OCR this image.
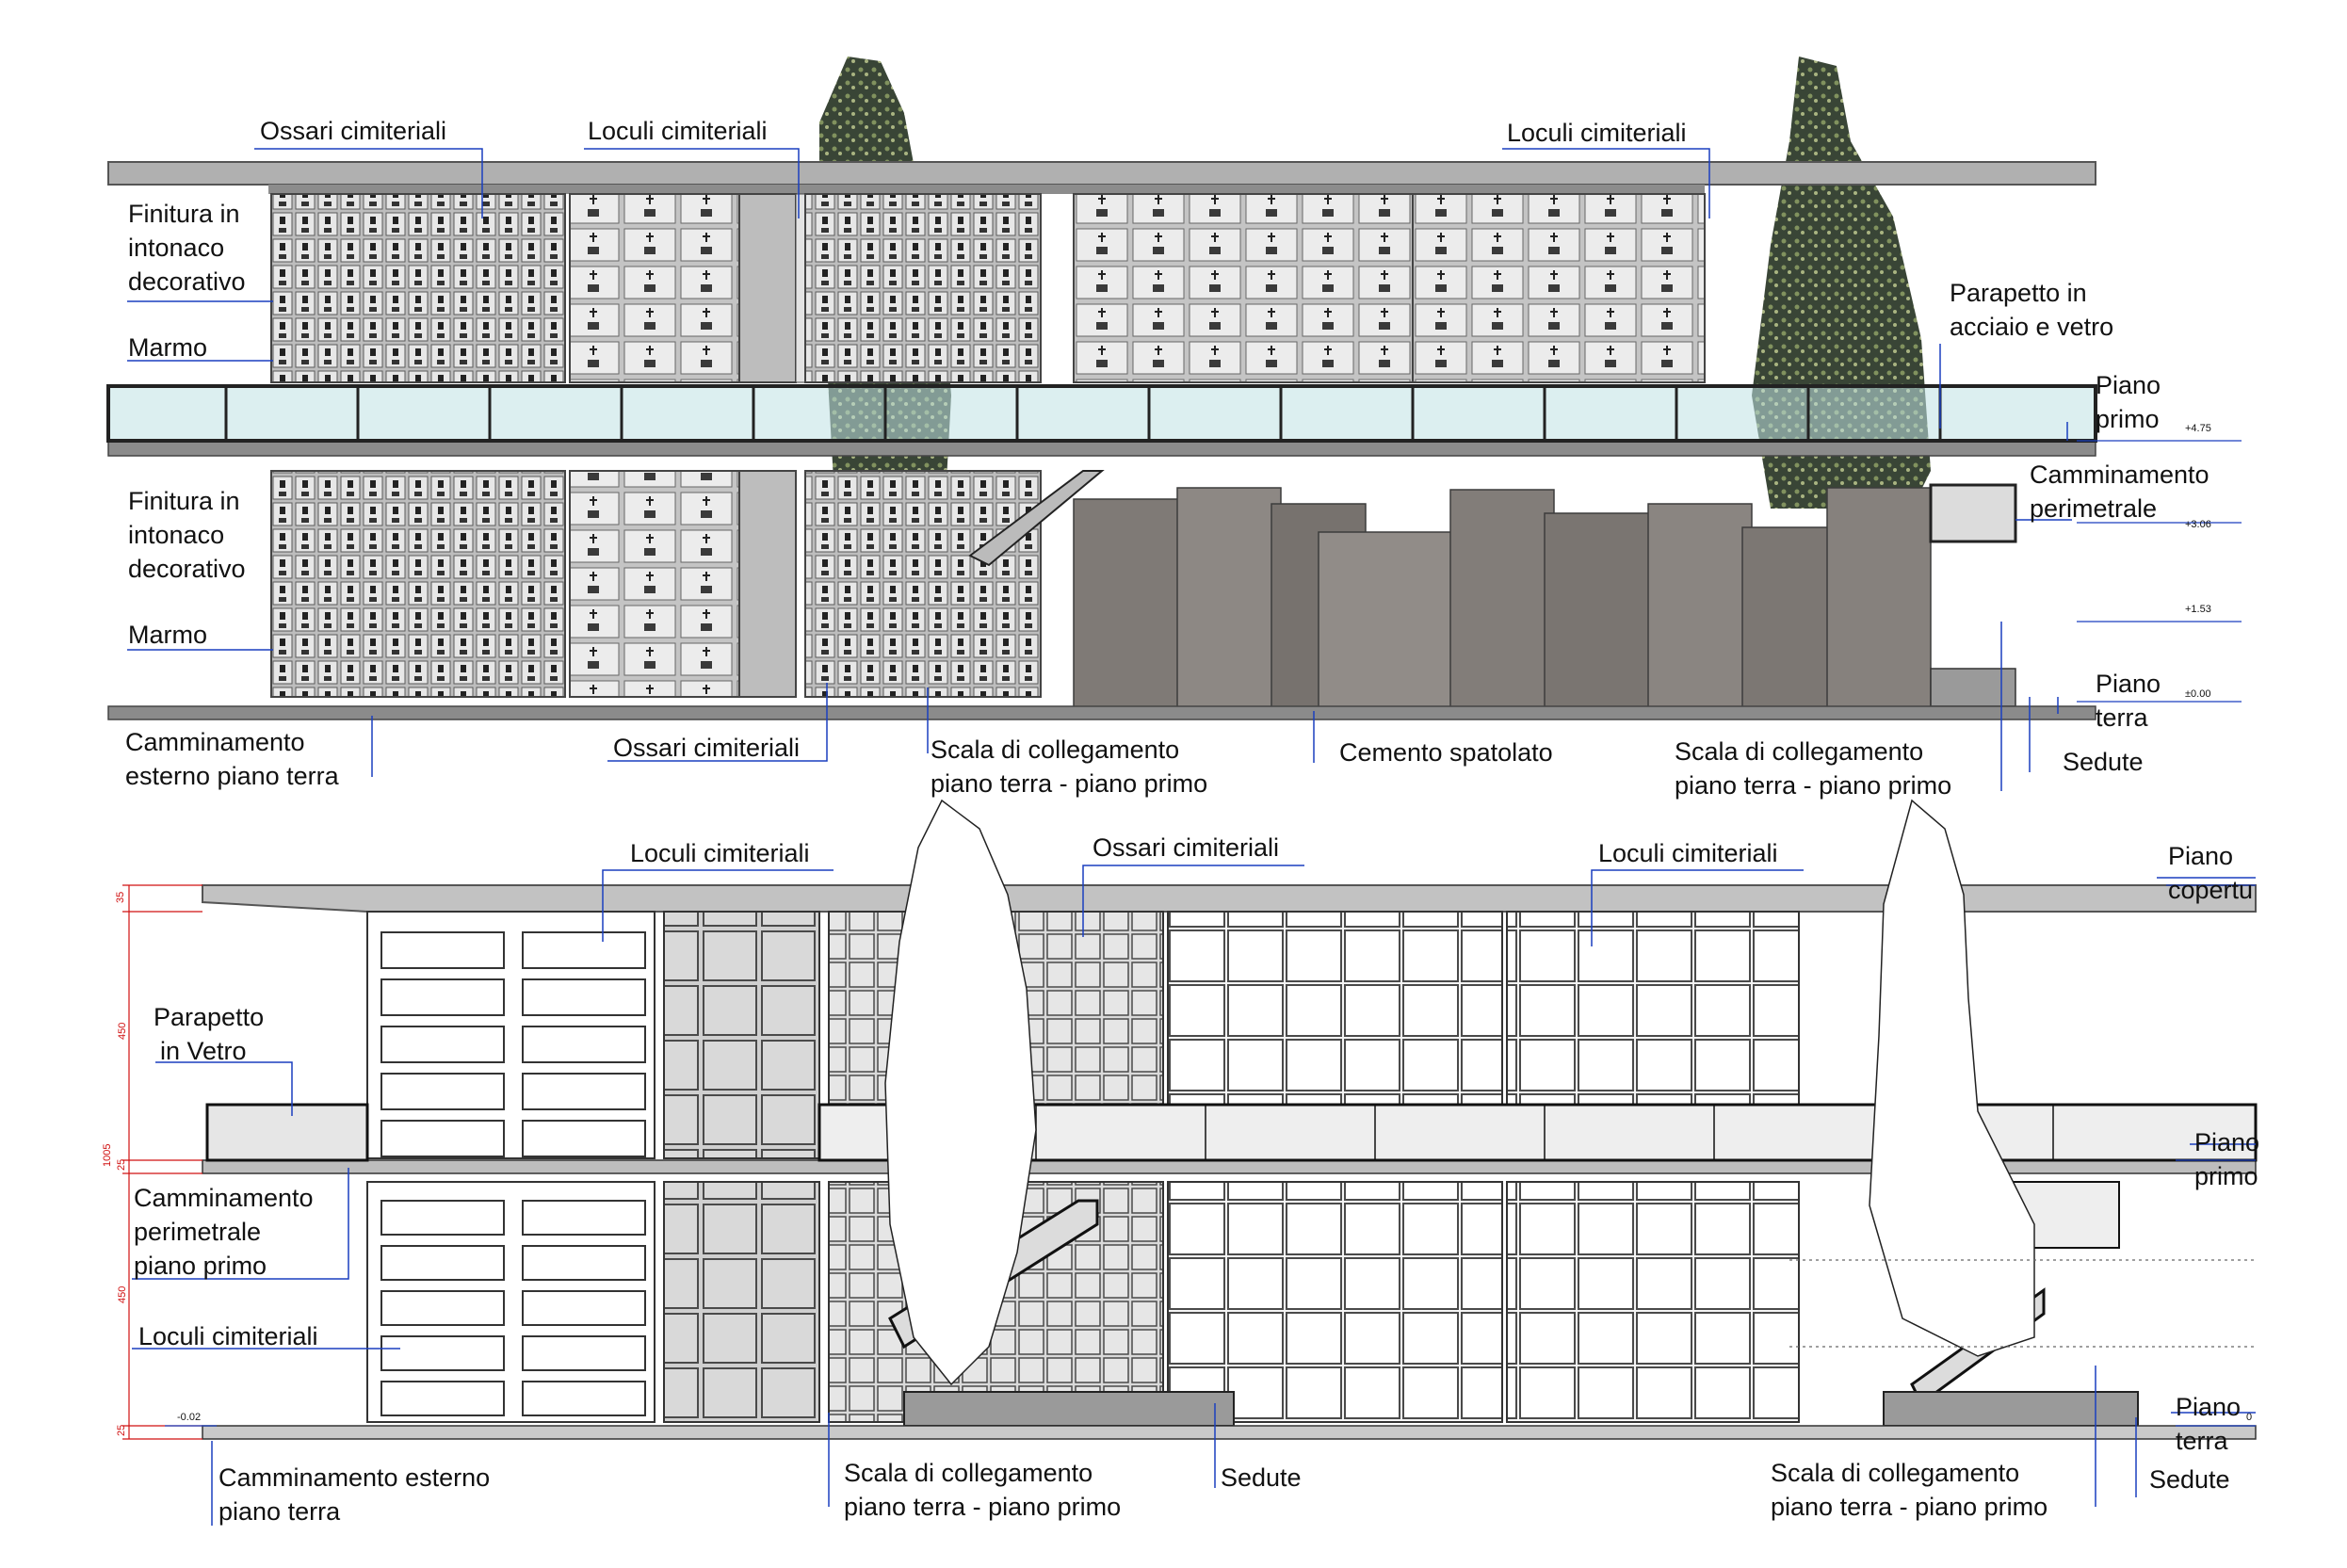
+4.75
+3.06
+1.53
±0.00
Ossari cimiteriali	Loculi cimiteriali	Loculi cimiteriali
Finitura in
intonaco
decorativo
Marmo
Finitura in
intonaco
decorativo
Marmo
Parapetto in
acciaio e vetro
Piano
primo
Camminamento
perimetrale
Piano
terra
Sedute
Camminamento
esterno piano terra
Ossari cimiteriali	Scala di collegamento
piano terra - piano primo
Cemento spatolato	Scala di collegamento
piano terra - piano primo
35
450
1005 25
450
25
-0.02	0
Loculi cimiteriali	Ossari cimiteriali	Loculi cimiteriali	Piano
copertu
Parapetto
in Vetro
Piano
primo
Camminamento
perimetrale
piano primo
Loculi cimiteriali
Camminamento esterno
piano terra
Scala di collegamento
piano terra - piano primo
Sedute	Scala di collegamento
piano terra - piano primo
Sedute
Piano
terra
